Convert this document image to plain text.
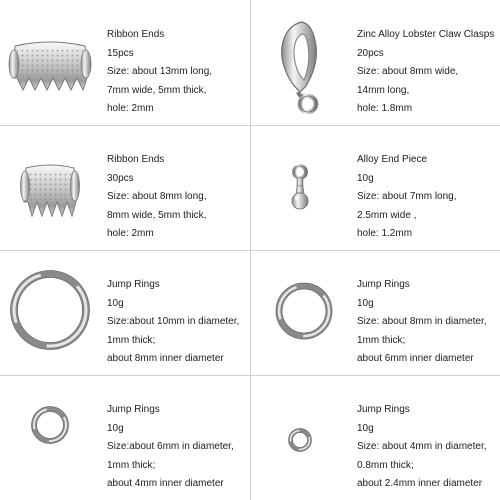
Ribbon Ends
15pcs
Size: about 13mm long,
7mm wide, 5mm thick,
hole: 2mm
Zinc Alloy Lobster Claw Clasps
20pcs
Size: about 8mm wide,
14mm long,
hole: 1.8mm
Ribbon Ends
30pcs
Size: about 8mm long,
8mm wide, 5mm thick,
hole: 2mm
Alloy End Piece
10g
Size: about 7mm long,
2.5mm wide ,
hole: 1.2mm
Jump Rings
10g
Size:about 10mm in diameter,
1mm thick;
about 8mm inner diameter
Jump Rings
10g
Size: about 8mm in diameter,
1mm thick;
about 6mm inner diameter
Jump Rings
10g
Size:about 6mm in diameter,
1mm thick;
about 4mm inner diameter
Jump Rings
10g
Size: about 4mm in diameter,
0.8mm thick;
about 2.4mm inner diameter
